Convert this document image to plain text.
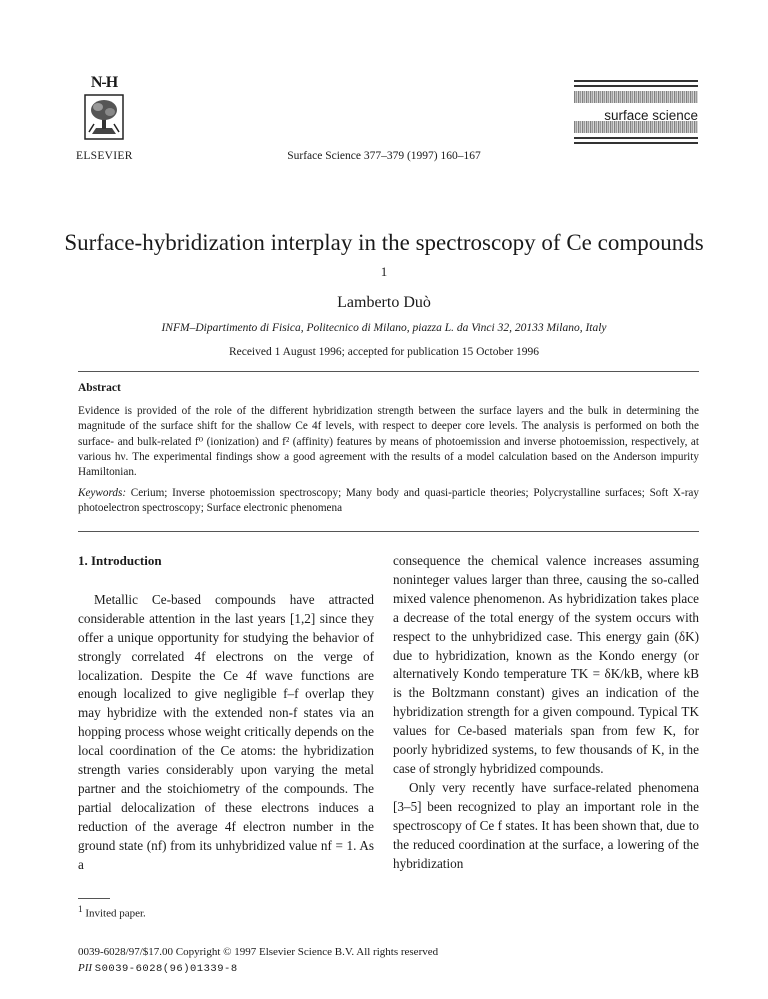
N-H
ELSEVIER	Surface Science 377–379 (1997) 160–167
surface science
Surface-hybridization interplay in the spectroscopy of Ce compounds $^1$
Lamberto Duò
INFM–Dipartimento di Fisica, Politecnico di Milano, piazza L. da Vinci 32, 20133 Milano, Italy
Received 1 August 1996; accepted for publication 15 October 1996
Abstract
Evidence is provided of the role of the different hybridization strength between the surface layers and the bulk in determining the magnitude of the surface shift for the shallow Ce 4f levels, with respect to deeper core levels. The analysis is performed on both the surface- and bulk-related f⁰ (ionization) and f² (affinity) features by means of photoemission and inverse photoemission, respectively, at various hν. The experimental findings show a good agreement with the results of a model calculation based on the Anderson impurity Hamiltonian.
Keywords: Cerium; Inverse photoemission spectroscopy; Many body and quasi-particle theories; Polycrystalline surfaces; Soft X-ray photoelectron spectroscopy; Surface electronic phenomena
1. Introduction

Metallic Ce-based compounds have attracted considerable attention in the last years [1,2] since they offer a unique opportunity for studying the behavior of strongly correlated 4f electrons on the verge of localization. Despite the Ce 4f wave functions are enough localized to give negligible f–f overlap they may hybridize with the extended non-f states via an hopping process whose weight critically depends on the local coordination of the Ce atoms: the hybridization strength varies considerably upon varying the metal partner and the stoichiometry of the compounds. The partial delocalization of these electrons induces a reduction of the average 4f electron number in the ground state (nf) from its unhybridized value nf = 1. As a

consequence the chemical valence increases assuming noninteger values larger than three, causing the so-called mixed valence phenomenon. As hybridization takes place a decrease of the total energy of the system occurs with respect to the unhybridized case. This energy gain (δK) due to hybridization, known as the Kondo energy (or alternatively Kondo temperature TK = δK/kB, where kB is the Boltzmann constant) gives an indication of the hybridization strength for a given compound. Typical TK values for Ce-based materials span from few K, for poorly hybridized systems, to few thousands of K, in the case of strongly hybridized compounds.

Only very recently have surface-related phenomena [3–5] been recognized to play an important role in the spectroscopy of Ce f states. It has been shown that, due to the reduced coordination at the surface, a lowering of the hybridization

$^1$ Invited paper.
0039-6028/97/$17.00 Copyright © 1997 Elsevier Science B.V. All rights reserved
PII S0039-6028(96)01339-8
